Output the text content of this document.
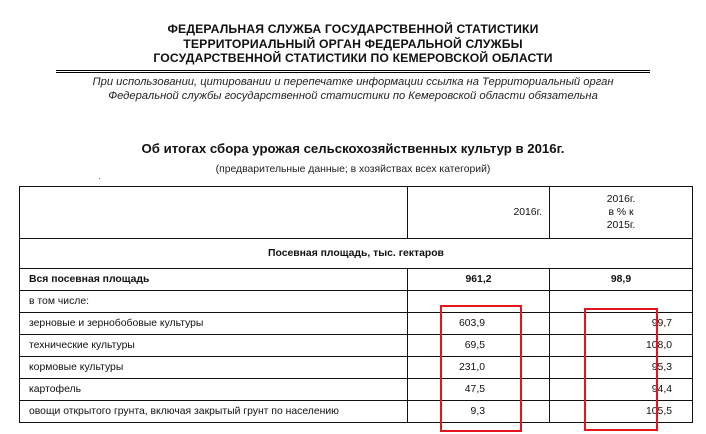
ФЕДЕРАЛЬНАЯ СЛУЖБА ГОСУДАРСТВЕННОЙ СТАТИСТИКИ
ТЕРРИТОРИАЛЬНЫЙ ОРГАН ФЕДЕРАЛЬНОЙ СЛУЖБЫ
ГОСУДАРСТВЕННОЙ СТАТИСТИКИ ПО КЕМЕРОВСКОЙ ОБЛАСТИ
При использовании, цитировании и перепечатке информации ссылка на Территориальный орган
Федеральной службы государственной статистики по Кемеровской области обязательна
Об итогах сбора урожая сельскохозяйственных культур в 2016г.
(предварительные данные; в хозяйствах всех категорий)
	2016г.	2016г.
в % к
2015г.

Посевная площадь, тыс. гектаров		
Вся посевная площадь	961,2	98,9
в том числе:		
зерновые и зернобобовые культуры	603,9	99,7
технические культуры	69,5	108,0
кормовые культуры	231,0	95,3
картофель	47,5	94,4
овощи открытого грунта, включая закрытый грунт по населению	9,3	105,5
